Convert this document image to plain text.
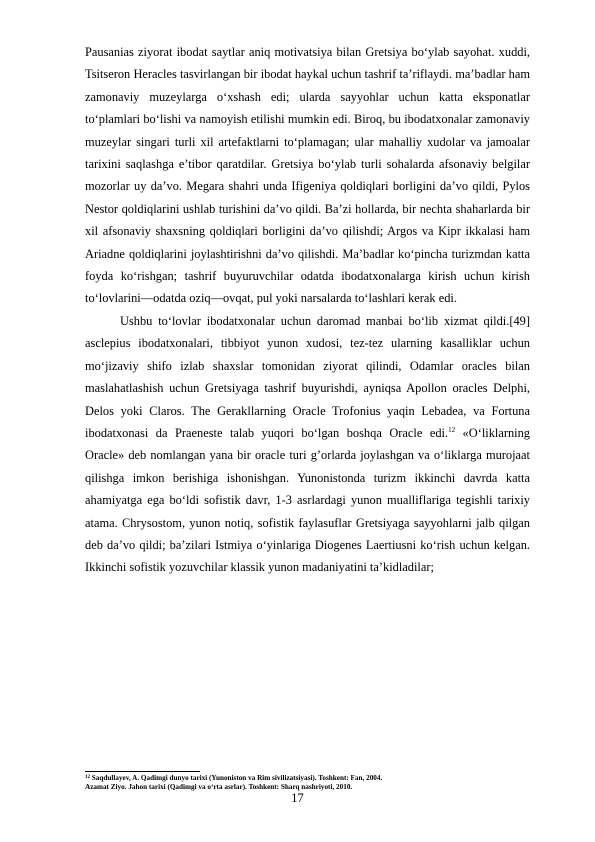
Pausanias ziyorat ibodat saytlar aniq motivatsiya bilan Gretsiya bo‘ylab sayohat. xuddi, Tsitseron Heracles tasvirlangan bir ibodat haykal uchun tashrif ta’riflaydi. ma’badlar ham zamonaviy muzeylarga o‘xshash edi; ularda sayyohlar uchun katta eksponatlar to‘plamlari bo‘lishi va namoyish etilishi mumkin edi. Biroq, bu ibodatxonalar zamonaviy muzeylar singari turli xil artefaktlarni to‘plamagan; ular mahalliy xudolar va jamoalar tarixini saqlashga e’tibor qaratdilar. Gretsiya bo‘ylab turli sohalarda afsonaviy belgilar mozorlar uy da’vo. Megara shahri unda Ifigeniya qoldiqlari borligini da’vo qildi, Pylos Nestor qoldiqlarini ushlab turishini da’vo qildi. Ba’zi hollarda, bir nechta shaharlarda bir xil afsonaviy shaxsning qoldiqlari borligini da’vo qilishdi; Argos va Kipr ikkalasi ham Ariadne qoldiqlarini joylashtirishni da’vo qilishdi. Ma’badlar ko‘pincha turizmdan katta foyda ko‘rishgan; tashrif buyuruvchilar odatda ibodatxonalarga kirish uchun kirish to‘lovlarini—odatda oziq—ovqat, pul yoki narsalarda to‘lashlari kerak edi.

Ushbu to‘lovlar ibodatxonalar uchun daromad manbai bo‘lib xizmat qildi.[49] asclepius ibodatxonalari, tibbiyot yunon xudosi, tez-tez ularning kasalliklar uchun mo‘jizaviy shifo izlab shaxslar tomonidan ziyorat qilindi, Odamlar oracles bilan maslahatlashish uchun Gretsiyaga tashrif buyurishdi, ayniqsa Apollon oracles Delphi, Delos yoki Claros. The Gerakllarning Oracle Trofonius yaqin Lebadea, va Fortuna ibodatxonasi da Praeneste talab yuqori bo‘lgan boshqa Oracle edi.$^{12}$ «O‘liklarning Oracle» deb nomlangan yana bir oracle turi g’orlarda joylashgan va o‘liklarga murojaat qilishga imkon berishiga ishonishgan. Yunonistonda turizm ikkinchi davrda katta ahamiyatga ega bo‘ldi sofistik davr, 1-3 asrlardagi yunon mualliflariga tegishli tarixiy atama. Chrysostom, yunon notiq, sofistik faylasuflar Gretsiyaga sayyohlarni jalb qilgan deb da’vo qildi; ba’zilari Istmiya o‘yinlariga Diogenes Laertiusni ko‘rish uchun kelgan. Ikkinchi sofistik yozuvchilar klassik yunon madaniyatini ta’kidladilar;

$^{12}$ Saqdullayev, A. Qadimgi dunyo tarixi (Yunoniston va Rim sivilizatsiyasi). Toshkent: Fan, 2004.
Azamat Ziyo. Jahon tarixi (Qadimgi va o‘rta asrlar). Toshkent: Sharq nashriyoti, 2010.
17
